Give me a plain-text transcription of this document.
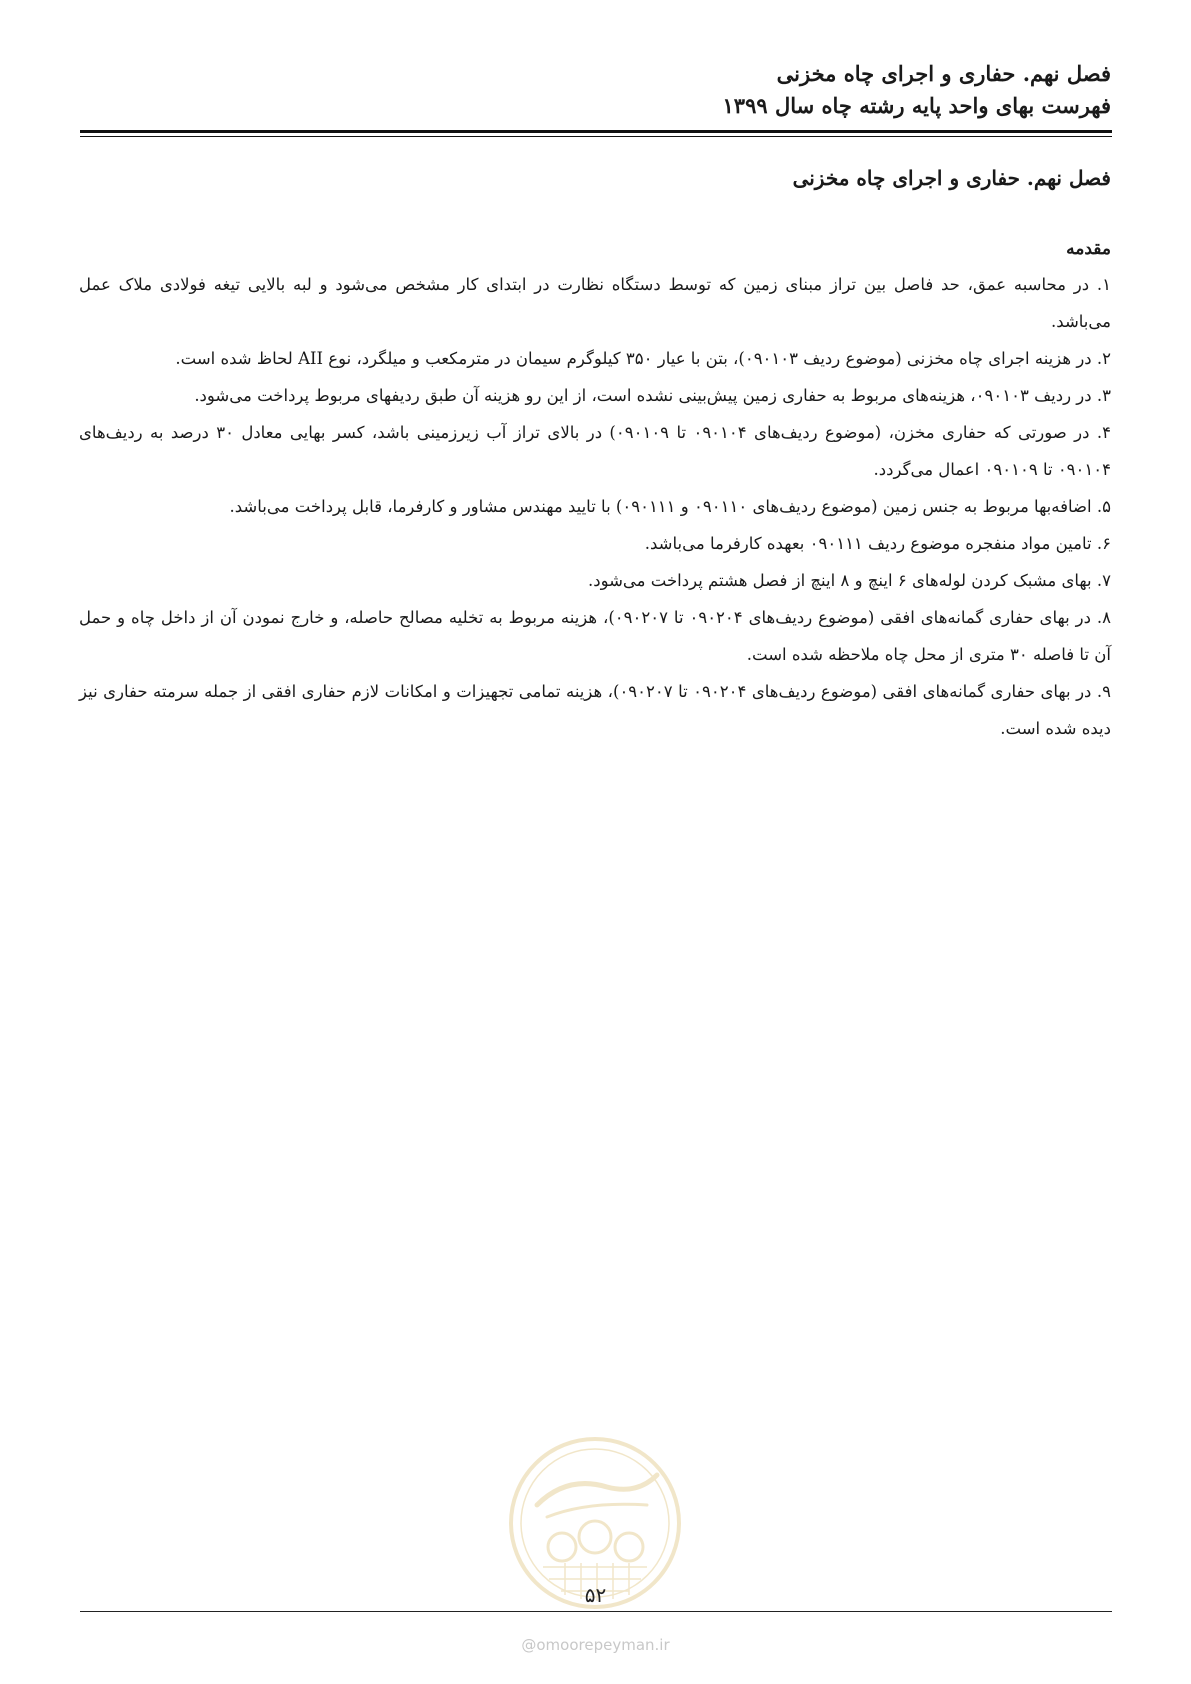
فصل نهم. حفاری و اجرای چاه مخزنی

فهرست بهای واحد پایه رشته چاه سال ۱۳۹۹

فصل نهم. حفاری و اجرای چاه مخزنی
مقدمه
۱. در محاسبه عمق، حد فاصل بین تراز مبنای زمین که توسط دستگاه نظارت در ابتدای کار مشخص می‌شود و لبه بالایی تیغه فولادی ملاک عمل می‌باشد.
۲. در هزینه اجرای چاه مخزنی (موضوع ردیف ۰۹۰۱۰۳)، بتن با عیار ۳۵۰ کیلوگرم سیمان در مترمکعب و میلگرد، نوع AII لحاظ شده است.
۳. در ردیف ۰۹۰۱۰۳، هزینه‌های مربوط به حفاری زمین پیش‌بینی نشده است، از این رو هزینه آن طبق ردیفهای مربوط پرداخت می‌شود.
۴. در صورتی که حفاری مخزن، (موضوع ردیف‌های ۰۹۰۱۰۴ تا ۰۹۰۱۰۹) در بالای تراز آب زیرزمینی باشد، کسر بهایی معادل ۳۰ درصد به ردیف‌های ۰۹۰۱۰۴ تا ۰۹۰۱۰۹ اعمال می‌گردد.
۵. اضافه‌بها مربوط به جنس زمین (موضوع ردیف‌های ۰۹۰۱۱۰ و ۰۹۰۱۱۱) با تایید مهندس مشاور و کارفرما، قابل پرداخت می‌باشد.
۶. تامین مواد منفجره موضوع ردیف ۰۹۰۱۱۱ بعهده کارفرما می‌باشد.
۷. بهای مشبک کردن لوله‌های ۶ اینچ و ۸ اینچ از فصل هشتم پرداخت می‌شود.
۸. در بهای حفاری گمانه‌های افقی (موضوع ردیف‌های ۰۹۰۲۰۴ تا ۰۹۰۲۰۷)، هزینه مربوط به تخلیه مصالح حاصله، و خارج نمودن آن از داخل چاه و حمل آن تا فاصله ۳۰ متری از محل چاه ملاحظه شده است.
۹. در بهای حفاری گمانه‌های افقی (موضوع ردیف‌های ۰۹۰۲۰۴ تا ۰۹۰۲۰۷)، هزینه تمامی تجهیزات و امکانات لازم حفاری افقی از جمله سرمته حفاری نیز دیده شده است.
۵۲
@omoorepeyman.ir
